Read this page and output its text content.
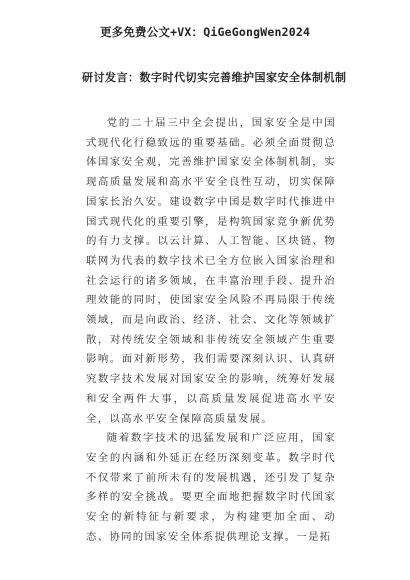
更多免费公文+VX：QiGeGongWen2024
研讨发言：数字时代切实完善维护国家安全体制机制

党的二十届三中全会提出，国家安全是中国式现代化行稳致远的重要基础。必须全面贯彻总体国家安全观，完善维护国家安全体制机制，实现高质量发展和高水平安全良性互动，切实保障国家长治久安。建设数字中国是数字时代推进中国式现代化的重要引擎，是构筑国家竞争新优势的有力支撑。以云计算、人工智能、区块链、物联网为代表的数字技术已全方位嵌入国家治理和社会运行的诸多领域，在丰富治理手段、提升治理效能的同时，使国家安全风险不再局限于传统领域，而是向政治、经济、社会、文化等领域扩散，对传统安全领域和非传统安全领域产生重要影响。面对新形势，我们需要深刻认识、认真研究数字技术发展对国家安全的影响，统筹好发展和安全两件大事，以高质量发展促进高水平安全，以高水平安全保障高质量发展。

随着数字技术的迅猛发展和广泛应用，国家安全的内涵和外延正在经历深刻变革。数字时代不仅带来了前所未有的发展机遇，还引发了复杂多样的安全挑战。要更全面地把握数字时代国家安全的新特征与新要求，为构建更加全面、动态、协同的国家安全体系提供理论支撑。一是拓
